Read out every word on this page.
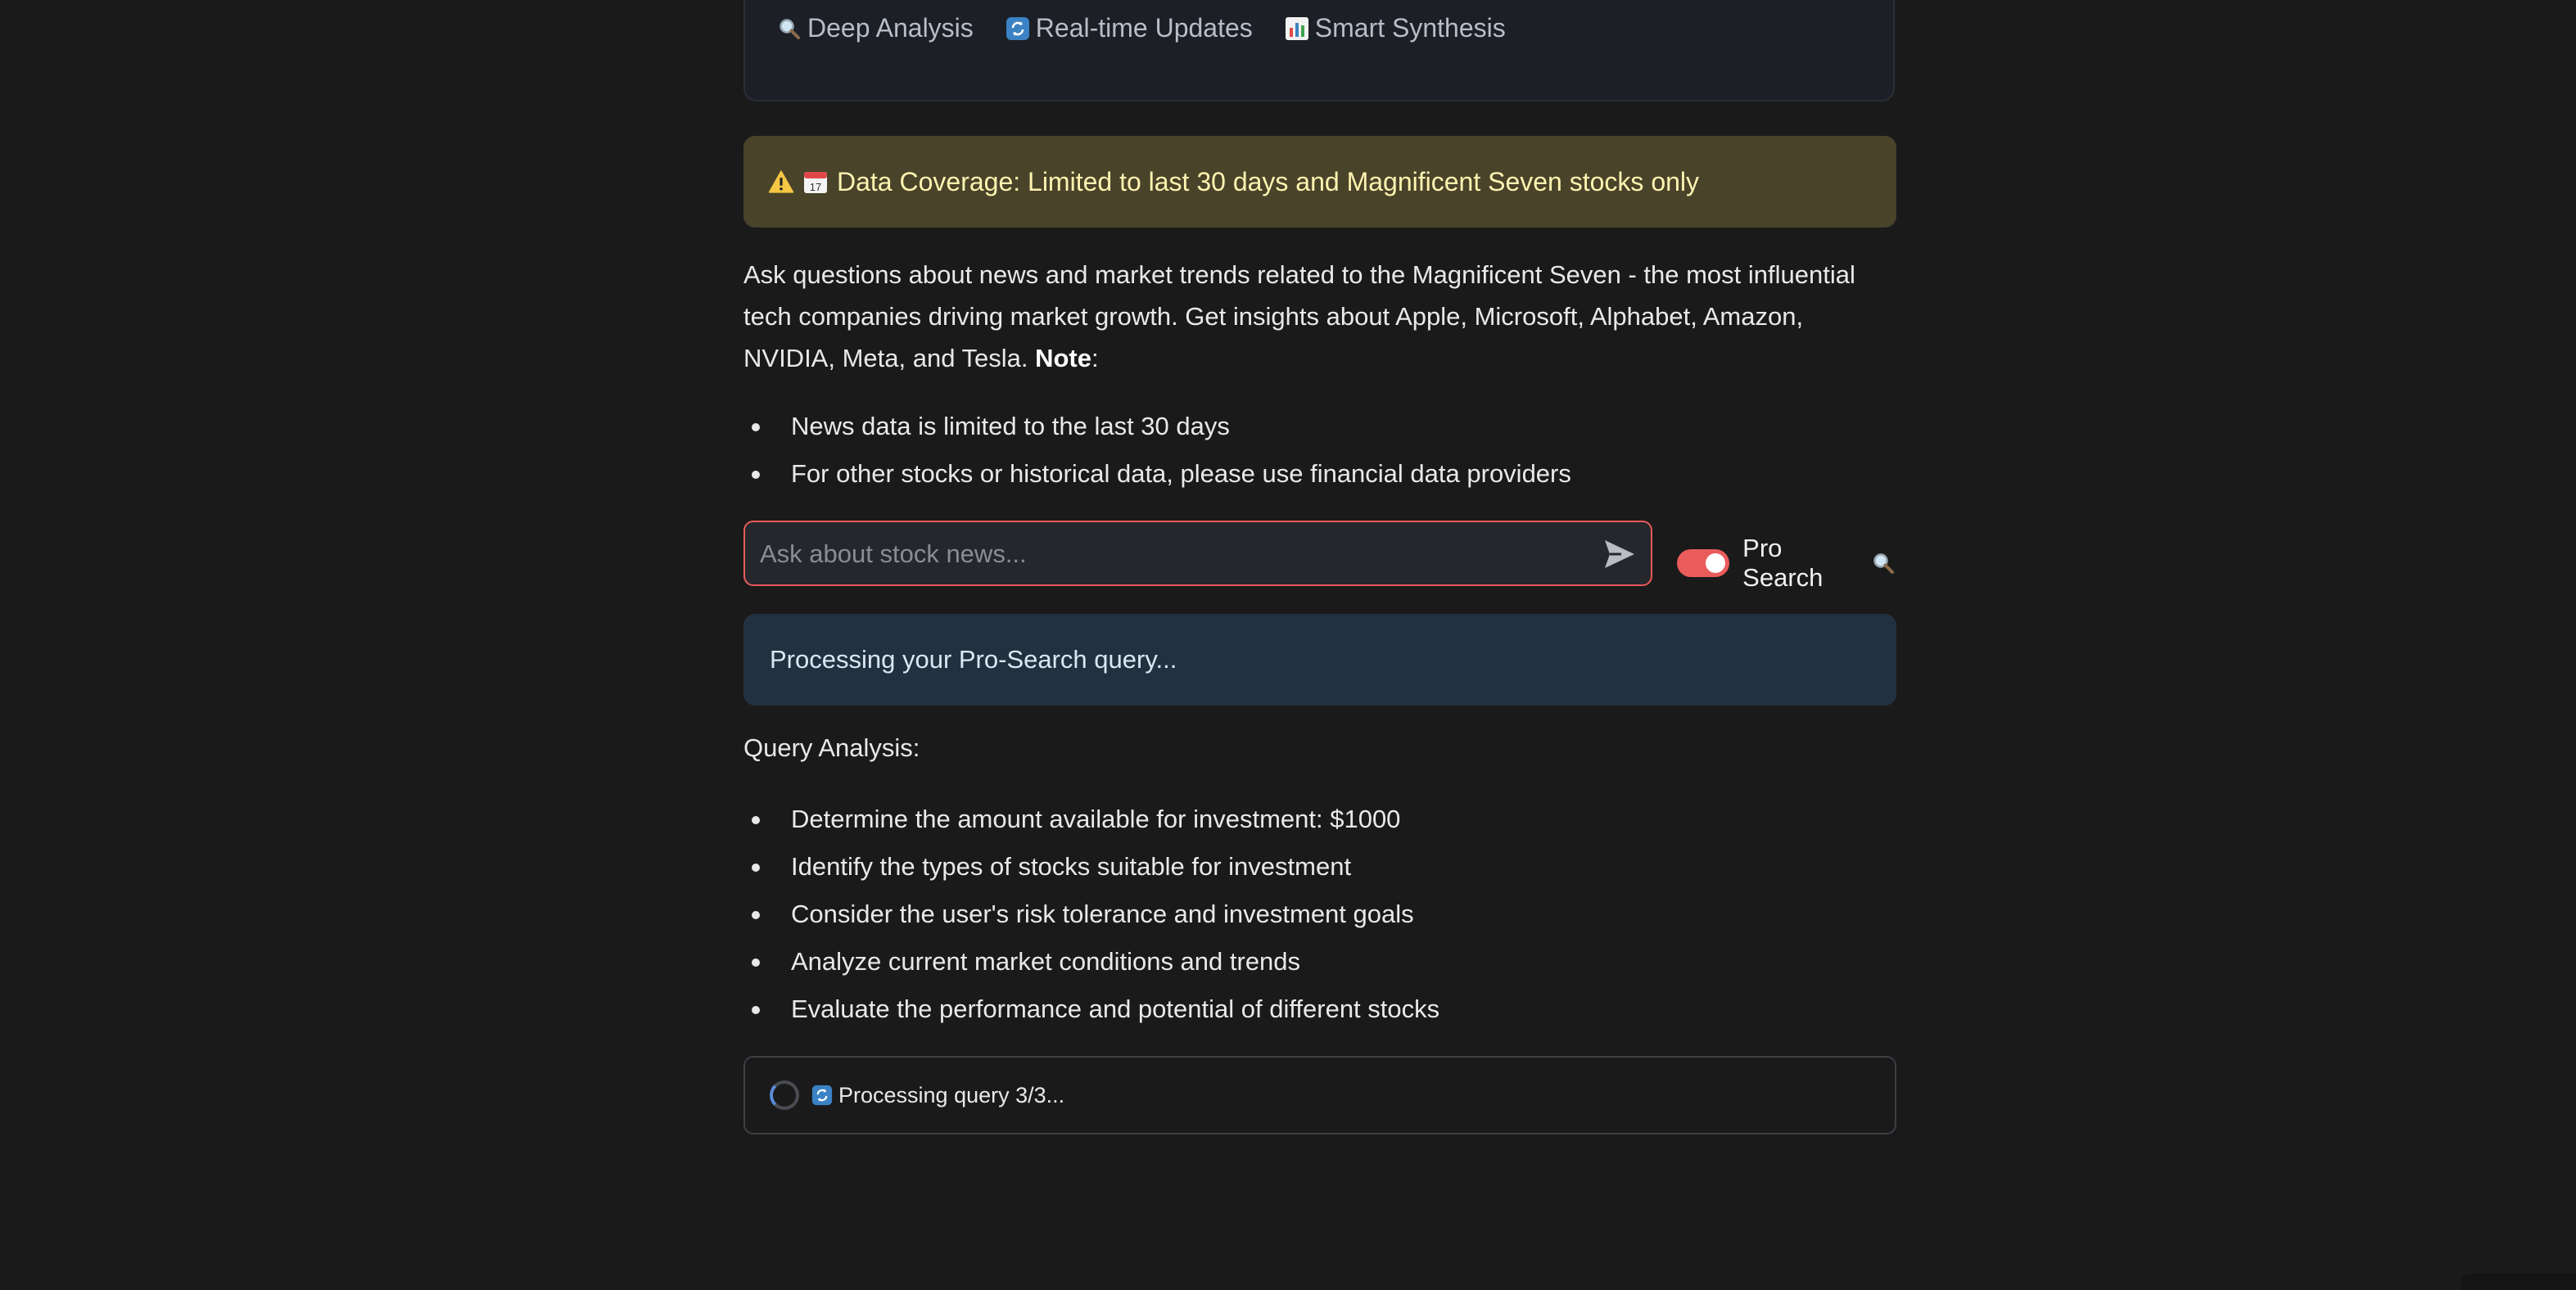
Deep Analysis Real-time Updates Smart Synthesis
17 Data Coverage: Limited to last 30 days and Magnificent Seven stocks only
Ask questions about news and market trends related to the Magnificent Seven - the most influential tech companies driving market growth. Get insights about Apple, Microsoft, Alphabet, Amazon, NVIDIA, Meta, and Tesla. Note:
News data is limited to the last 30 days
For other stocks or historical data, please use financial data providers
Ask about stock news...
Pro Search
Processing your Pro-Search query...
Query Analysis:
Determine the amount available for investment: $1000
Identify the types of stocks suitable for investment
Consider the user's risk tolerance and investment goals
Analyze current market conditions and trends
Evaluate the performance and potential of different stocks
Processing query 3/3...
